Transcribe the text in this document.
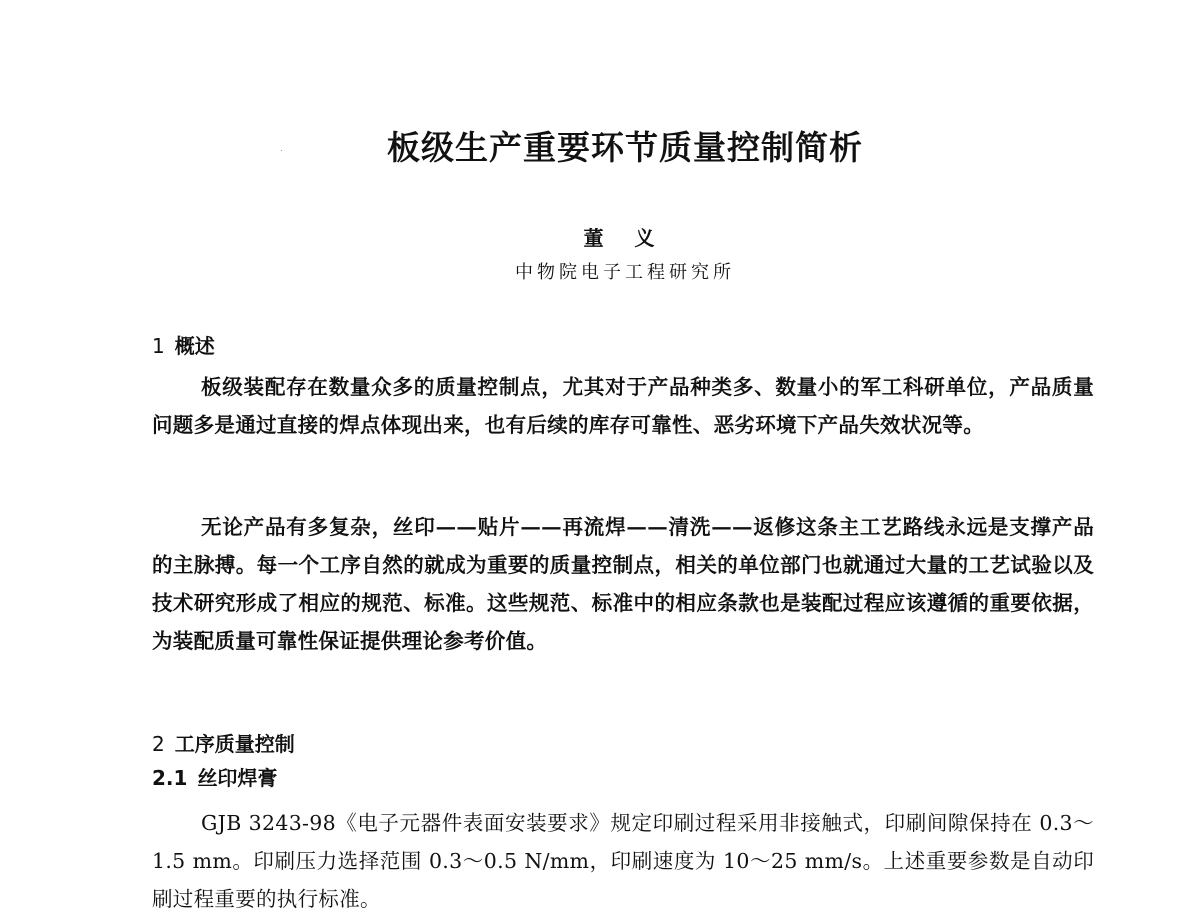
板级生产重要环节质量控制简析
董 义
中物院电子工程研究所
1 概述

板级装配存在数量众多的质量控制点，尤其对于产品种类多、数量小的军工科研单位，产品质量问题多是通过直接的焊点体现出来，也有后续的库存可靠性、恶劣环境下产品失效状况等。

无论产品有多复杂，丝印——贴片——再流焊——清洗——返修这条主工艺路线永远是支撑产品的主脉搏。每一个工序自然的就成为重要的质量控制点，相关的单位部门也就通过大量的工艺试验以及技术研究形成了相应的规范、标准。这些规范、标准中的相应条款也是装配过程应该遵循的重要依据，为装配质量可靠性保证提供理论参考价值。

2 工序质量控制
2.1 丝印焊膏

GJB 3243-98《电子元器件表面安装要求》规定印刷过程采用非接触式，印刷间隙保持在 0.3～1.5 mm。印刷压力选择范围 0.3～0.5 N/mm，印刷速度为 10～25 mm/s。上述重要参数是自动印刷过程重要的执行标准。
